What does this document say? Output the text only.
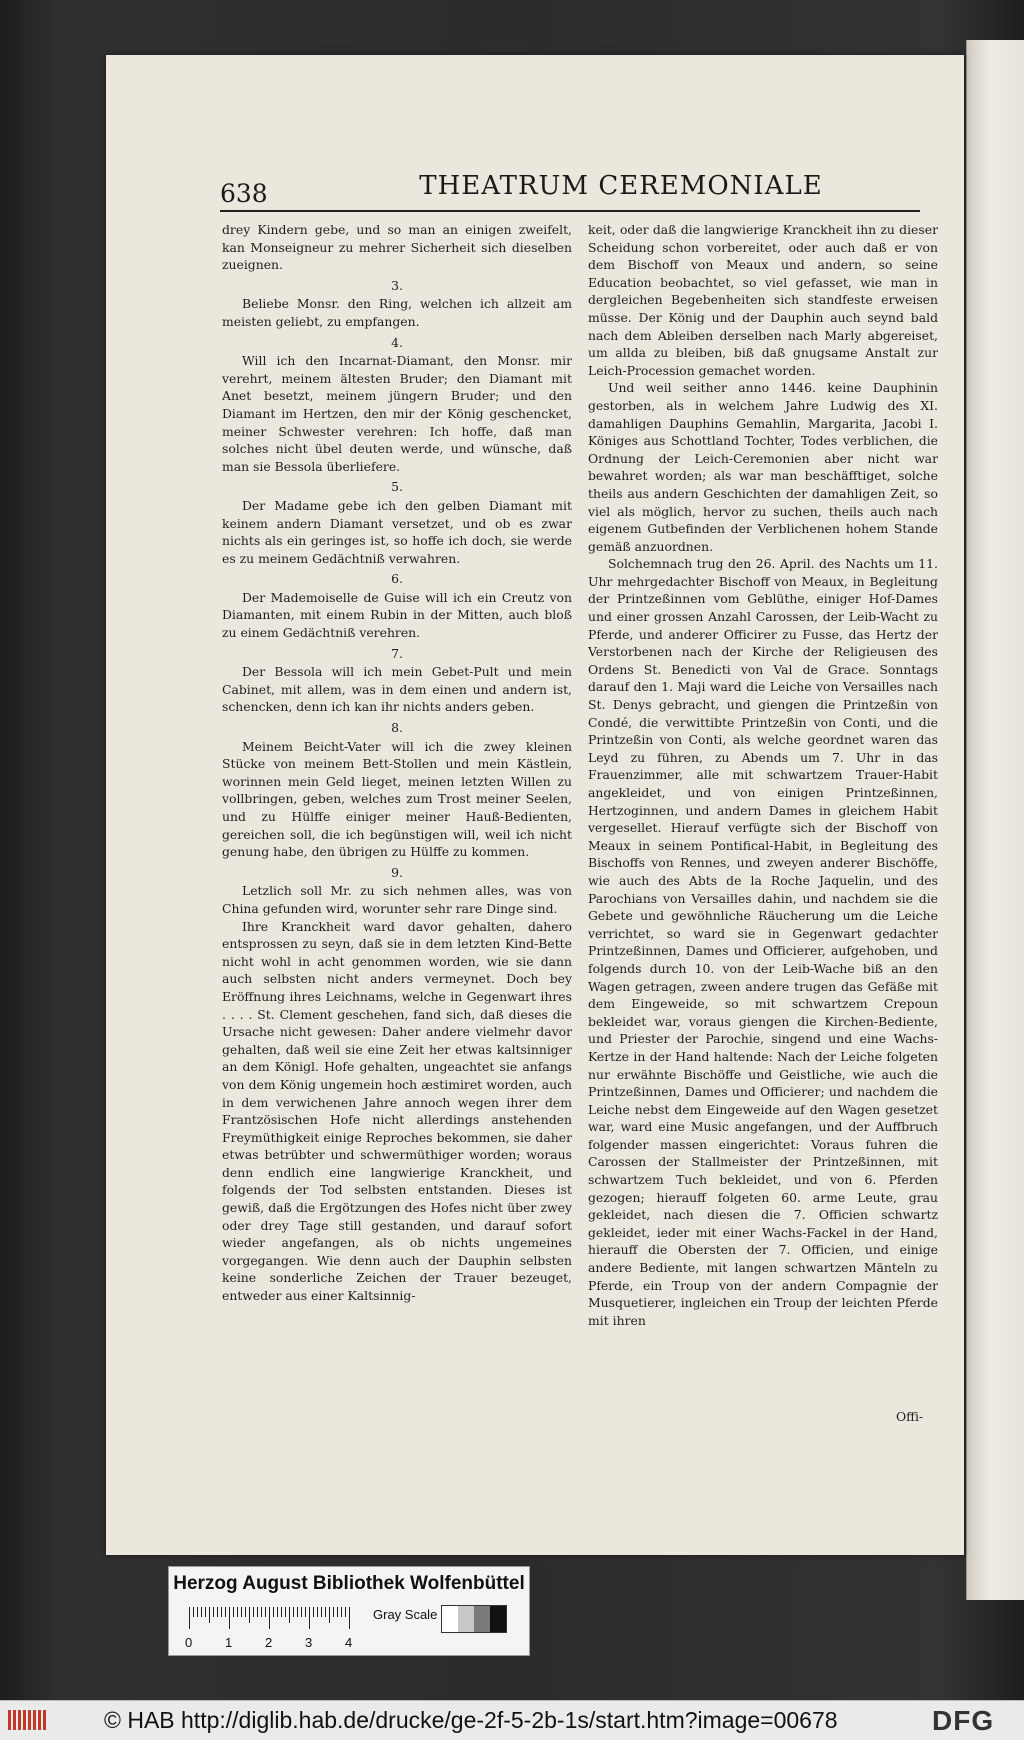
638	THEATRUM CEREMONIALE

drey Kindern gebe, und so man an einigen zweifelt, kan Monseigneur zu mehrer Sicherheit sich dieselben zueignen.

3.

Beliebe Monsr. den Ring, welchen ich allzeit am meisten geliebt, zu empfangen.

4.

Will ich den Incarnat-Diamant, den Monsr. mir verehrt, meinem ältesten Bruder; den Diamant mit Anet besetzt, meinem jüngern Bruder; und den Diamant im Hertzen, den mir der König geschencket, meiner Schwester verehren: Ich hoffe, daß man solches nicht übel deuten werde, und wünsche, daß man sie Bessola überliefere.

5.

Der Madame gebe ich den gelben Diamant mit keinem andern Diamant versetzet, und ob es zwar nichts als ein geringes ist, so hoffe ich doch, sie werde es zu meinem Gedächtniß verwahren.

6.

Der Mademoiselle de Guise will ich ein Creutz von Diamanten, mit einem Rubin in der Mitten, auch bloß zu einem Gedächtniß verehren.

7.

Der Bessola will ich mein Gebet-Pult und mein Cabinet, mit allem, was in dem einen und andern ist, schencken, denn ich kan ihr nichts anders geben.

8.

Meinem Beicht-Vater will ich die zwey kleinen Stücke von meinem Bett-Stollen und mein Kästlein, worinnen mein Geld lieget, meinen letzten Willen zu vollbringen, geben, welches zum Trost meiner Seelen, und zu Hülffe einiger meiner Hauß-Bedienten, gereichen soll, die ich begünstigen will, weil ich nicht genung habe, den übrigen zu Hülffe zu kommen.

9.

Letzlich soll Mr. zu sich nehmen alles, was von China gefunden wird, worunter sehr rare Dinge sind.

Ihre Kranckheit ward davor gehalten, dahero entsprossen zu seyn, daß sie in dem letzten Kind-Bette nicht wohl in acht genommen worden, wie sie dann auch selbsten nicht anders vermeynet. Doch bey Eröffnung ihres Leichnams, welche in Gegenwart ihres . . . . St. Clement geschehen, fand sich, daß dieses die Ursache nicht gewesen: Daher andere vielmehr davor gehalten, daß weil sie eine Zeit her etwas kaltsinniger an dem Königl. Hofe gehalten, ungeachtet sie anfangs von dem König ungemein hoch æstimiret worden, auch in dem verwichenen Jahre annoch wegen ihrer dem Frantzösischen Hofe nicht allerdings anstehenden Freymüthigkeit einige Reproches bekommen, sie daher etwas betrübter und schwermüthiger worden; woraus denn endlich eine langwierige Kranckheit, und folgends der Tod selbsten entstanden. Dieses ist gewiß, daß die Ergötzungen des Hofes nicht über zwey oder drey Tage still gestanden, und darauf sofort wieder angefangen, als ob nichts ungemeines vorgegangen. Wie denn auch der Dauphin selbsten keine sonderliche Zeichen der Trauer bezeuget, entweder aus einer Kaltsinnig-

keit, oder daß die langwierige Kranckheit ihn zu dieser Scheidung schon vorbereitet, oder auch daß er von dem Bischoff von Meaux und andern, so seine Education beobachtet, so viel gefasset, wie man in dergleichen Begebenheiten sich standfeste erweisen müsse. Der König und der Dauphin auch seynd bald nach dem Ableiben derselben nach Marly abgereiset, um allda zu bleiben, biß daß gnugsame Anstalt zur Leich-Procession gemachet worden.

Und weil seither anno 1446. keine Dauphinin gestorben, als in welchem Jahre Ludwig des XI. damahligen Dauphins Gemahlin, Margarita, Jacobi I. Königes aus Schottland Tochter, Todes verblichen, die Ordnung der Leich-Ceremonien aber nicht war bewahret worden; als war man beschäfftiget, solche theils aus andern Geschichten der damahligen Zeit, so viel als möglich, hervor zu suchen, theils auch nach eigenem Gutbefinden der Verblichenen hohem Stande gemäß anzuordnen.

Solchemnach trug den 26. April. des Nachts um 11. Uhr mehrgedachter Bischoff von Meaux, in Begleitung der Printzeßinnen vom Geblüthe, einiger Hof-Dames und einer grossen Anzahl Carossen, der Leib-Wacht zu Pferde, und anderer Officirer zu Fusse, das Hertz der Verstorbenen nach der Kirche der Religieusen des Ordens St. Benedicti von Val de Grace. Sonntags darauf den 1. Maji ward die Leiche von Versailles nach St. Denys gebracht, und giengen die Printzeßin von Condé, die verwittibte Printzeßin von Conti, und die Printzeßin von Conti, als welche geordnet waren das Leyd zu führen, zu Abends um 7. Uhr in das Frauenzimmer, alle mit schwartzem Trauer-Habit angekleidet, und von einigen Printzeßinnen, Hertzoginnen, und andern Dames in gleichem Habit vergesellet. Hierauf verfügte sich der Bischoff von Meaux in seinem Pontifical-Habit, in Begleitung des Bischoffs von Rennes, und zweyen anderer Bischöffe, wie auch des Abts de la Roche Jaquelin, und des Parochians von Versailles dahin, und nachdem sie die Gebete und gewöhnliche Räucherung um die Leiche verrichtet, so ward sie in Gegenwart gedachter Printzeßinnen, Dames und Officierer, aufgehoben, und folgends durch 10. von der Leib-Wache biß an den Wagen getragen, zween andere trugen das Gefäße mit dem Eingeweide, so mit schwartzem Crepoun bekleidet war, voraus giengen die Kirchen-Bediente, und Priester der Parochie, singend und eine Wachs-Kertze in der Hand haltende: Nach der Leiche folgeten nur erwähnte Bischöffe und Geistliche, wie auch die Printzeßinnen, Dames und Officierer; und nachdem die Leiche nebst dem Eingeweide auf den Wagen gesetzet war, ward eine Music angefangen, und der Auffbruch folgender massen eingerichtet: Voraus fuhren die Carossen der Stallmeister der Printzeßinnen, mit schwartzem Tuch bekleidet, und von 6. Pferden gezogen; hierauff folgeten 60. arme Leute, grau gekleidet, nach diesen die 7. Officien schwartz gekleidet, ieder mit einer Wachs-Fackel in der Hand, hierauff die Obersten der 7. Officien, und einige andere Bediente, mit langen schwartzen Mänteln zu Pferde, ein Troup von der andern Compagnie der Musquetierer, ingleichen ein Troup der leichten Pferde mit ihren

Offi-
Herzog August Bibliothek Wolfenbüttel
0	1	2	3	4
Gray Scale
© HAB http://diglib.hab.de/drucke/ge-2f-5-2b-1s/start.htm?image=00678	DFG
